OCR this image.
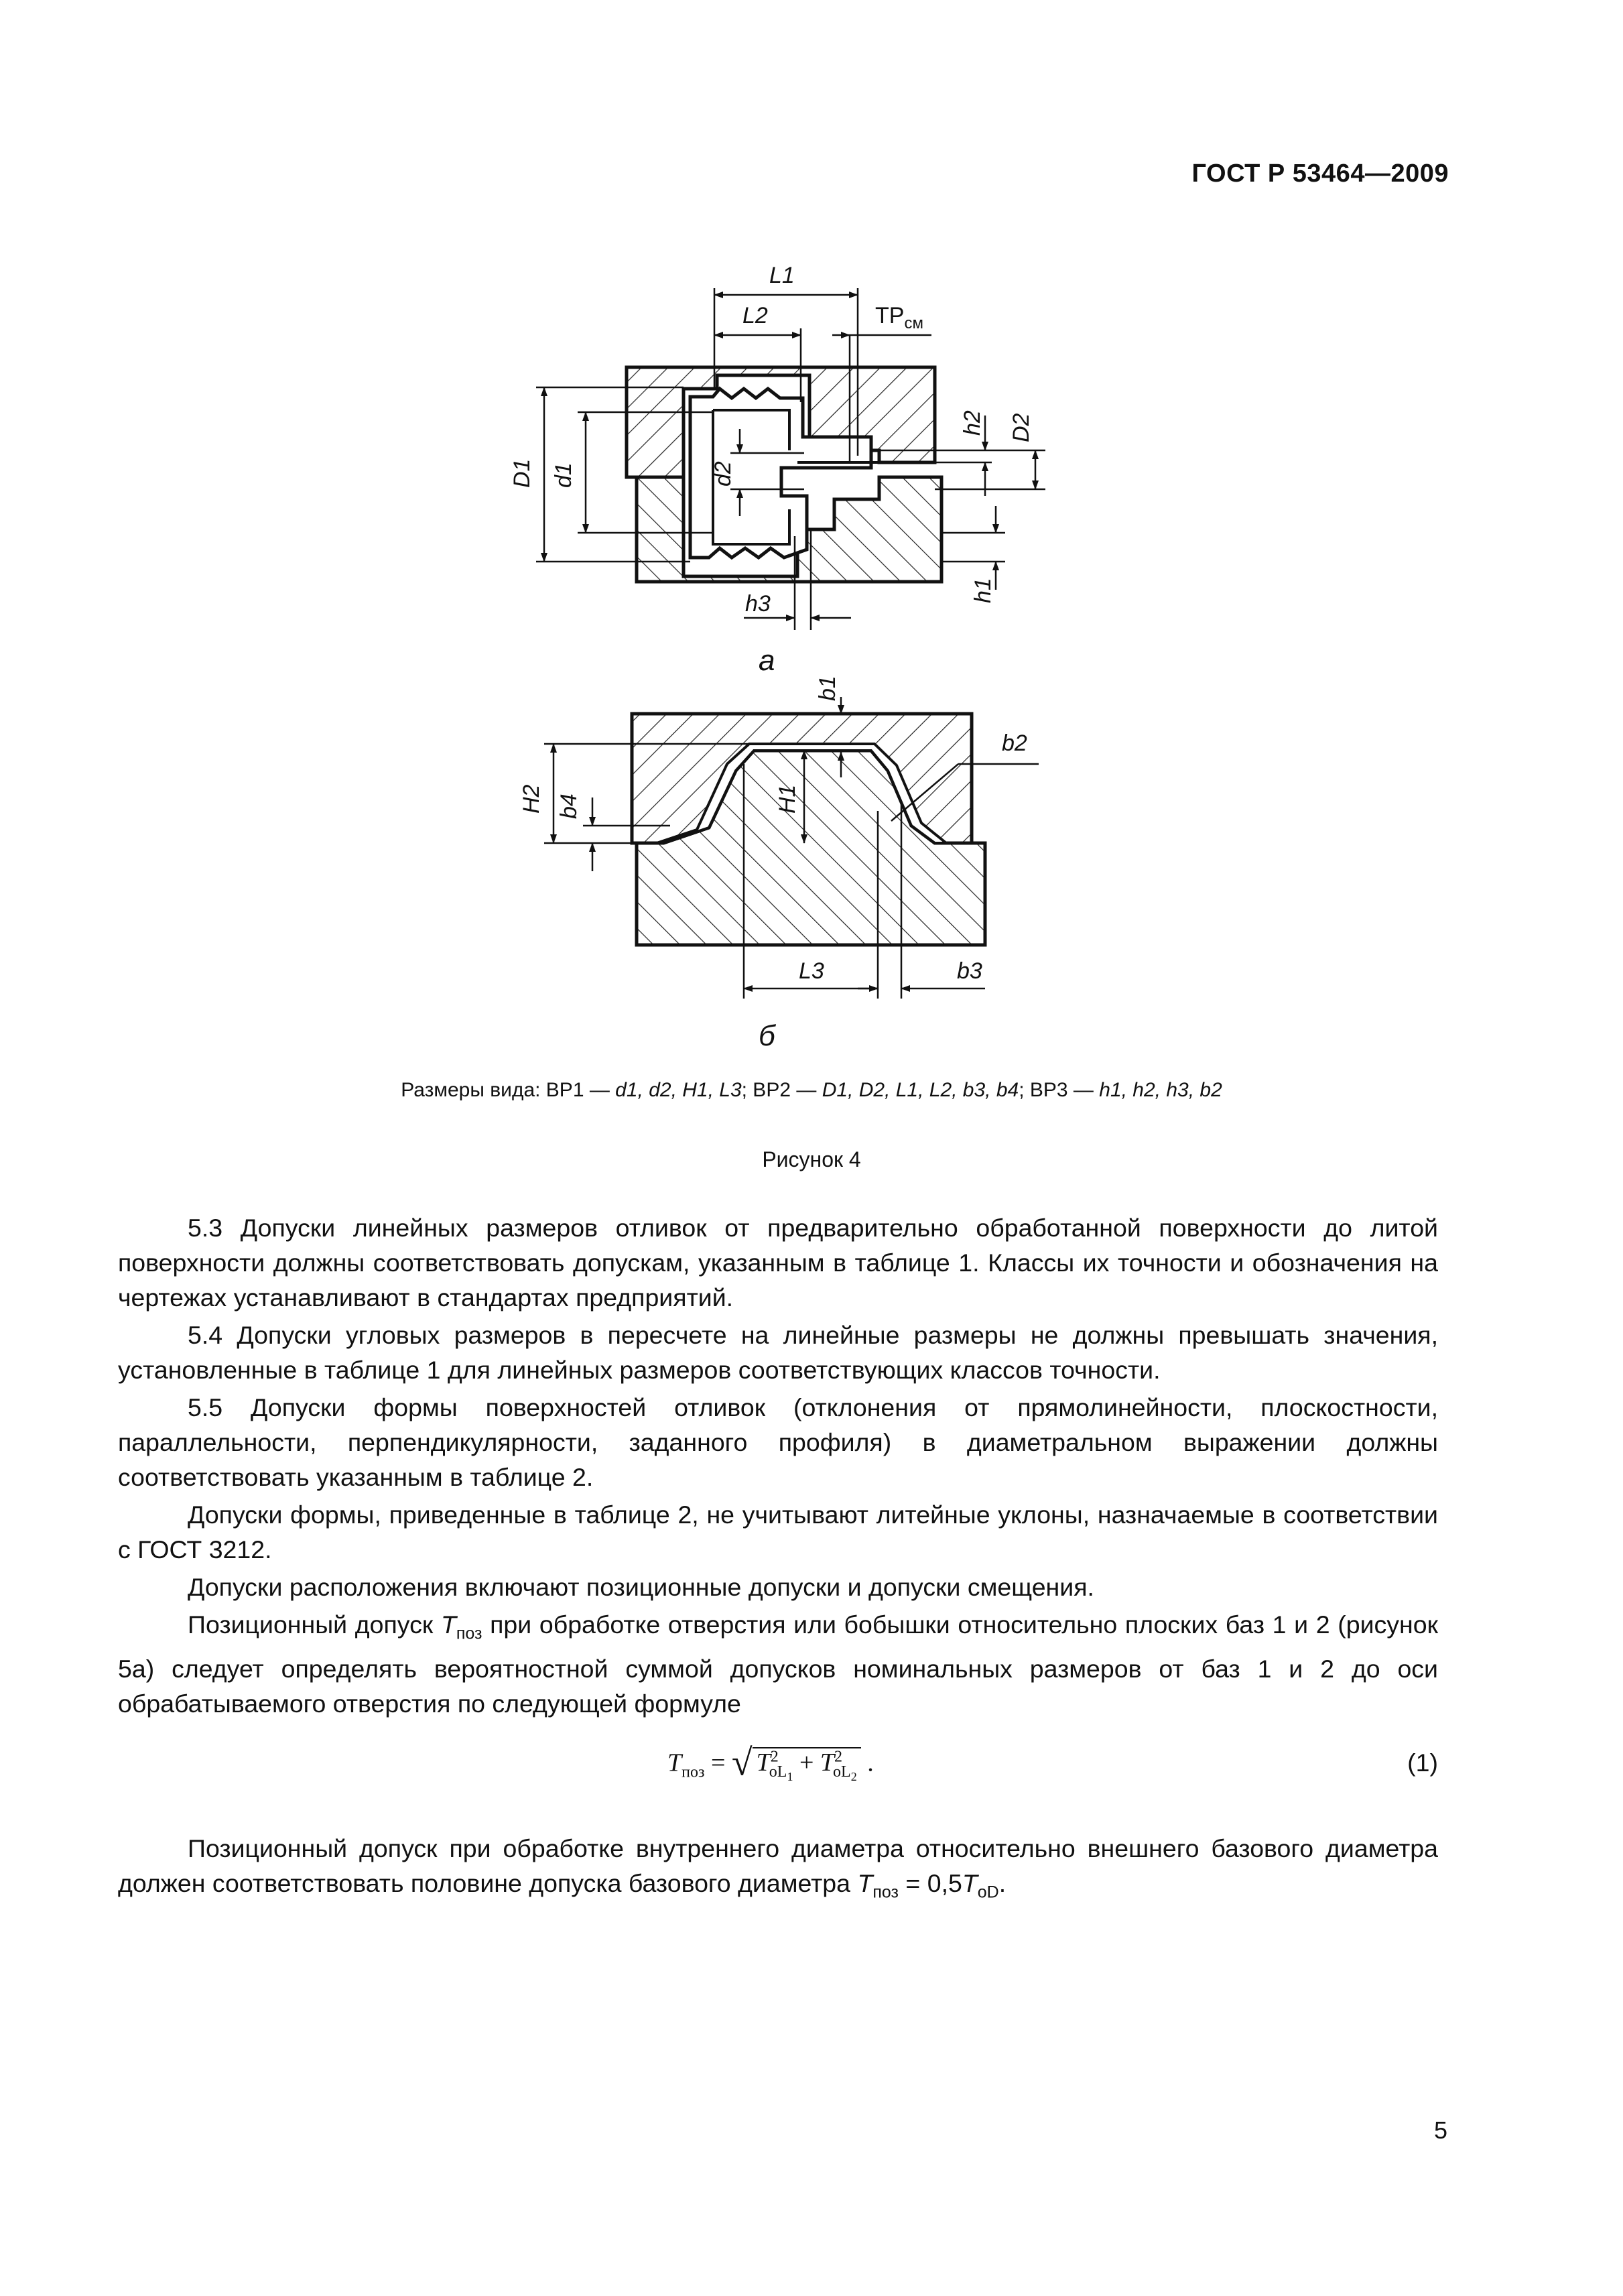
ГОСТ Р 53464—2009
L1
L2	$ТР_{см}$
D1 d1	d2
h2 D2
h1
h3
а
b1
b2
H2 b4	H1
L3	b3
б
Размеры вида: ВР1 — d1, d2, H1, L3; ВР2 — D1, D2, L1, L2, b3, b4; ВР3 — h1, h2, h3, b2
Рисунок 4

5.3 Допуски линейных размеров отливок от предварительно обработанной поверхности до литой поверхности должны соответствовать допускам, указанным в таблице 1. Классы их точности и обозначения на чертежах устанавливают в стандартах предприятий.

5.4 Допуски угловых размеров в пересчете на линейные размеры не должны превышать значения, установленные в таблице 1 для линейных размеров соответствующих классов точности.

5.5 Допуски формы поверхностей отливок (отклонения от прямолинейности, плоскостности, параллельности, перпендикулярности, заданного профиля) в диаметральном выражении должны соответствовать указанным в таблице 2.

Допуски формы, приведенные в таблице 2, не учитывают литейные уклоны, назначаемые в соответствии с ГОСТ 3212.

Допуски расположения включают позиционные допуски и допуски смещения.

Позиционный допуск $T_{поз}$ при обработке отверстия или бобышки относительно плоских баз 1 и 2 (рисунок 5а) следует определять вероятностной суммой допусков номинальных размеров от баз 1 и 2 до оси обрабатываемого отверстия по следующей формуле

$T_{поз}$ = √ $T^2_{oL_1} + T^2_{oL_2}$ .	(1)

Позиционный допуск при обработке внутреннего диаметра относительно внешнего базового диаметра должен соответствовать половине допуска базового диаметра $T_{поз} = 0,5T_{oD}$.

5
